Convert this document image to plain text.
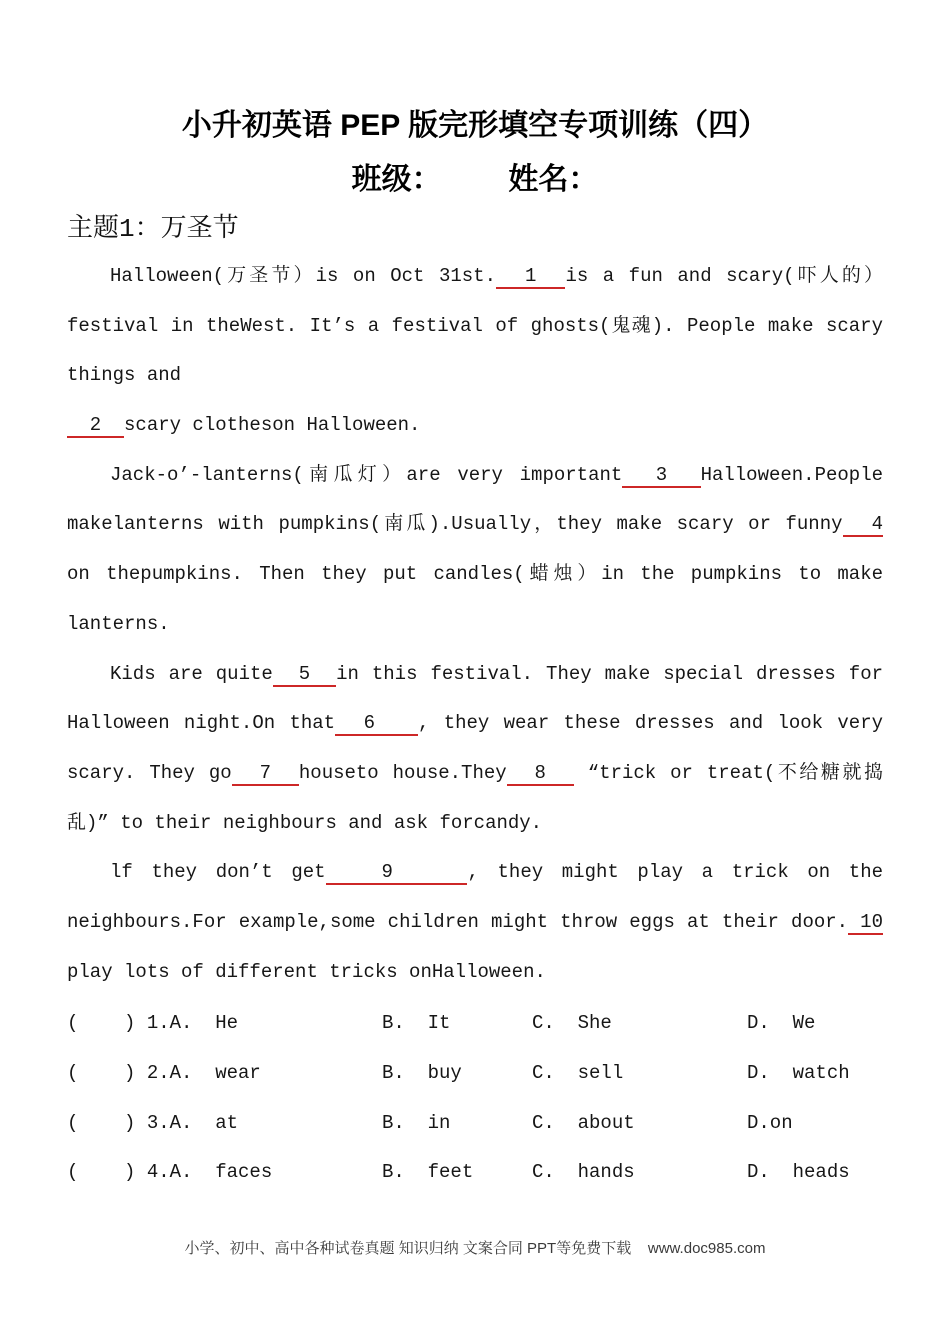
小升初英语 PEP 版完形填空专项训练（四）
班级：        姓名：
主题1：万圣节
Halloween(万圣节）is on Oct 31st.  1  is a fun and scary(吓人的）
festival in theWest. It’s a festival of ghosts(鬼魂). People make scary
things and
2  scary clotheson Halloween.
Jack-o’-lanterns(南瓜灯）are very important  3  Halloween.People
makelanterns with pumpkins(南瓜).Usually，they make scary or funny  4
on thepumpkins. Then they put candles(蜡烛）in the pumpkins to make
lanterns.
Kids are quite  5  in this festival. They make special dresses for
Halloween night.On that  6   , they wear these dresses and look very
scary. They go  7  houseto house.They  8   “trick or treat(不给糖就捣
乱)” to their neighbours and ask forcandy.
lf they don’t get   9    , they might play a trick on the
neighbours.For example,some children might throw eggs at their door. 10
play lots of different tricks onHalloween.
(    ) 1.A.  He	B.  It	C.  She	D.  We
(    ) 2.A.  wear	B.  buy	C.  sell	D.  watch
(    ) 3.A.  at	B.  in	C.  about	D.on
(    ) 4.A.  faces	B.  feet	C.  hands	D.  heads
小学、初中、高中各种试卷真题 知识归纳 文案合同 PPT等免费下载 www.doc985.com
